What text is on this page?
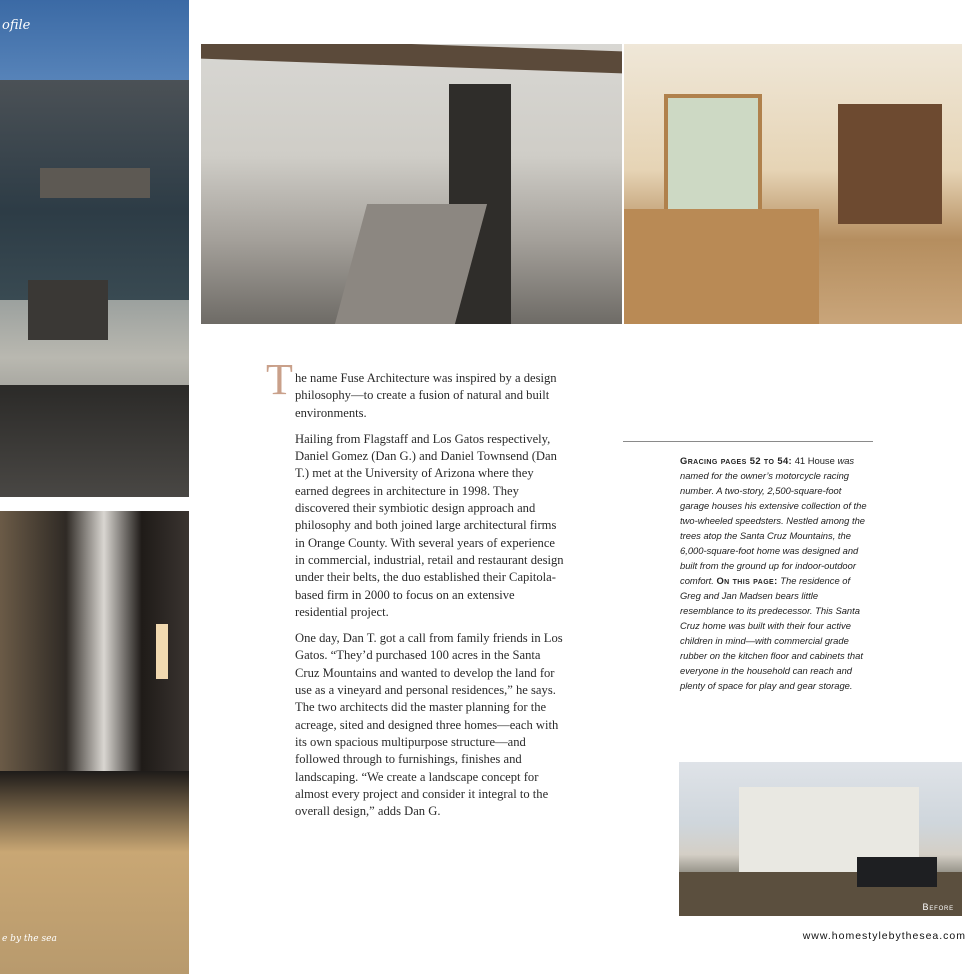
ofile
e by the sea
T he name Fuse Architecture was inspired by a design philosophy—to create a fusion of natural and built environments.

Hailing from Flagstaff and Los Gatos respectively, Daniel Gomez (Dan G.) and Daniel Townsend (Dan T.) met at the University of Arizona where they earned degrees in architecture in 1998. They discovered their symbiotic design approach and philosophy and both joined large architectural firms in Orange County. With several years of experience in commercial, industrial, retail and restaurant design under their belts, the duo established their Capitola-based firm in 2000 to focus on an extensive residential project.

One day, Dan T. got a call from family friends in Los Gatos. “They’d purchased 100 acres in the Santa Cruz Mountains and wanted to develop the land for use as a vineyard and personal residences,” he says. The two architects did the master planning for the acreage, sited and designed three homes—each with its own spacious multipurpose structure—and followed through to furnishings, finishes and landscaping. “We create a landscape concept for almost every project and consider it integral to the overall design,” adds Dan G.

Gracing pages 52 to 54: 41 House was named for the owner’s motorcycle racing number. A two-story, 2,500-square-foot garage houses his extensive collection of the two-wheeled speedsters. Nestled among the trees atop the Santa Cruz Mountains, the 6,000-square-foot home was designed and built from the ground up for indoor-outdoor comfort. On this page: The residence of Greg and Jan Madsen bears little resemblance to its predecessor. This Santa Cruz home was built with their four active children in mind—with commercial grade rubber on the kitchen floor and cabinets that everyone in the household can reach and plenty of space for play and gear storage.
Before
www.homestylebythesea.com
